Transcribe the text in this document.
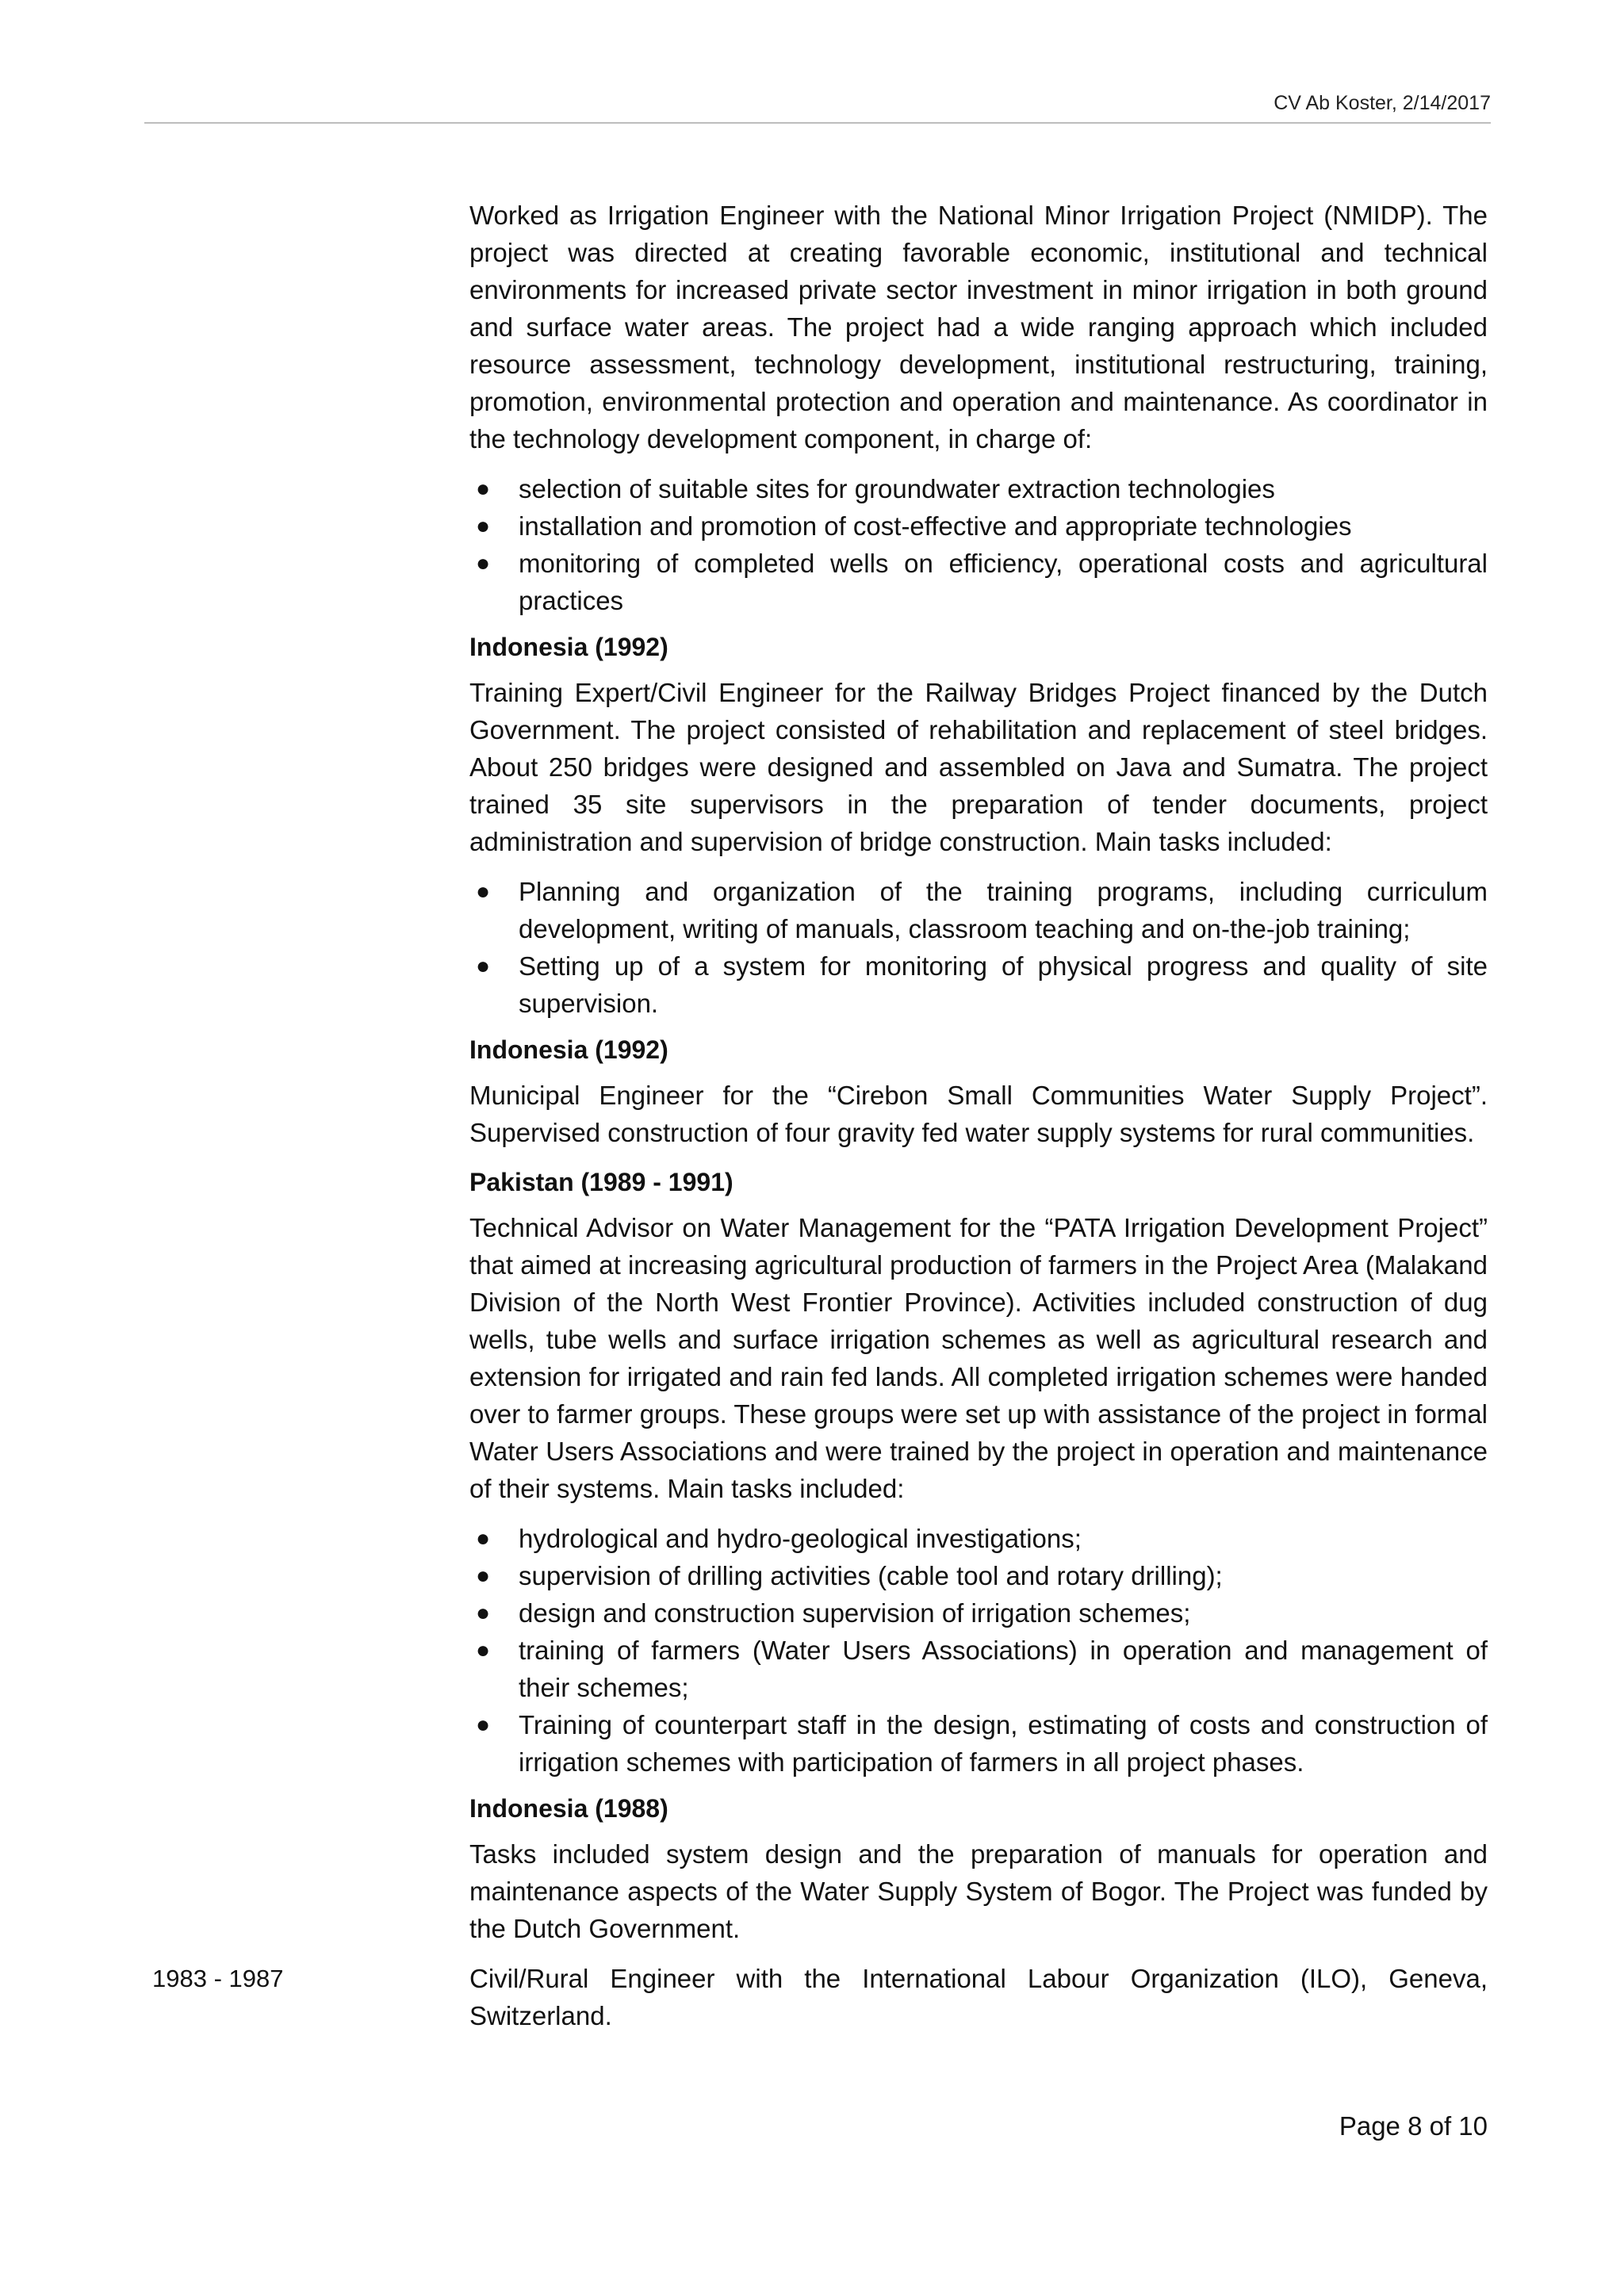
CV Ab Koster, 2/14/2017

Worked as Irrigation Engineer with the National Minor Irrigation Project (NMIDP). The project was directed at creating favorable economic, institutional and technical environments for increased private sector investment in minor irrigation in both ground and surface water areas. The project had a wide ranging approach which included resource assessment, technology development, institutional restructuring, training, promotion, environmental protection and operation and maintenance. As coordinator in the technology development component, in charge of:

● selection of suitable sites for groundwater extraction technologies
● installation and promotion of cost-effective and appropriate technologies
● monitoring of completed wells on efficiency, operational costs and agricultural practices
Indonesia (1992)

Training Expert/Civil Engineer for the Railway Bridges Project financed by the Dutch Government. The project consisted of rehabilitation and replacement of steel bridges. About 250 bridges were designed and assembled on Java and Sumatra. The project trained 35 site supervisors in the preparation of tender documents, project administration and supervision of bridge construction. Main tasks included:

● Planning and organization of the training programs, including curriculum development, writing of manuals, classroom teaching and on-the-job training;
● Setting up of a system for monitoring of physical progress and quality of site supervision.
Indonesia (1992)

Municipal Engineer for the “Cirebon Small Communities Water Supply Project”. Supervised construction of four gravity fed water supply systems for rural communities.

Pakistan (1989 - 1991)

Technical Advisor on Water Management for the “PATA Irrigation Development Project” that aimed at increasing agricultural production of farmers in the Project Area (Malakand Division of the North West Frontier Province). Activities included construction of dug wells, tube wells and surface irrigation schemes as well as agricultural research and extension for irrigated and rain fed lands. All completed irrigation schemes were handed over to farmer groups. These groups were set up with assistance of the project in formal Water Users Associations and were trained by the project in operation and maintenance of their systems. Main tasks included:

● hydrological and hydro-geological investigations;
● supervision of drilling activities (cable tool and rotary drilling);
● design and construction supervision of irrigation schemes;
● training of farmers (Water Users Associations) in operation and management of their schemes;
● Training of counterpart staff in the design, estimating of costs and construction of irrigation schemes with participation of farmers in all project phases.
Indonesia (1988)

Tasks included system design and the preparation of manuals for operation and maintenance aspects of the Water Supply System of Bogor. The Project was funded by the Dutch Government.

1983 - 1987	Civil/Rural Engineer with the International Labour Organization (ILO), Geneva, Switzerland.

Page 8 of 10
